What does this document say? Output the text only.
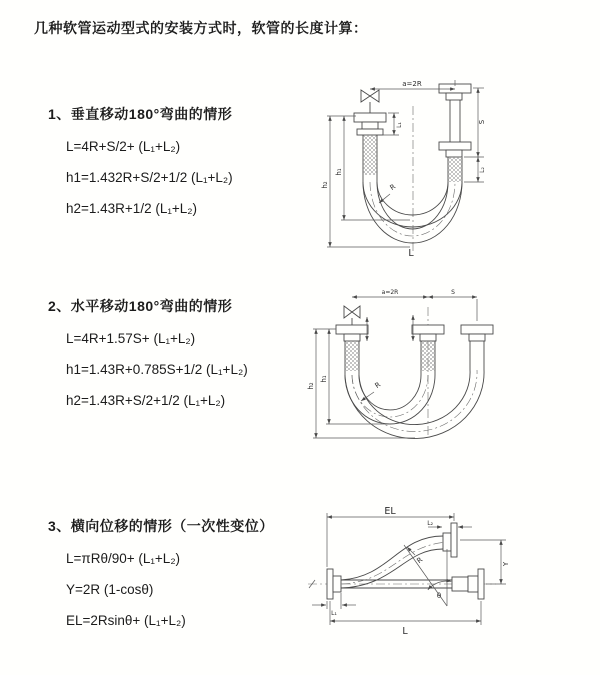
几种软管运动型式的安装方式时，软管的长度计算：
1、垂直移动180°弯曲的情形
L=4R+S/2+ (L₁+L₂)
h1=1.432R+S/2+1/2 (L₁+L₂)
h2=1.43R+1/2 (L₁+L₂)
a=2R
h₁
h₂
S
L₂
L₁
R
L
2、水平移动180°弯曲的情形
L=4R+1.57S+ (L₁+L₂)
h1=1.43R+0.785S+1/2 (L₁+L₂)
h2=1.43R+S/2+1/2 (L₁+L₂)
a=2R	S
h₁
h₂	R
3、横向位移的情形（一次性变位）
L=πRθ/90+ (L₁+L₂)
Y=2R (1-cosθ)
EL=2Rsinθ+ (L₁+L₂)
EL
L₂
Y
θ
R
L₁
L
